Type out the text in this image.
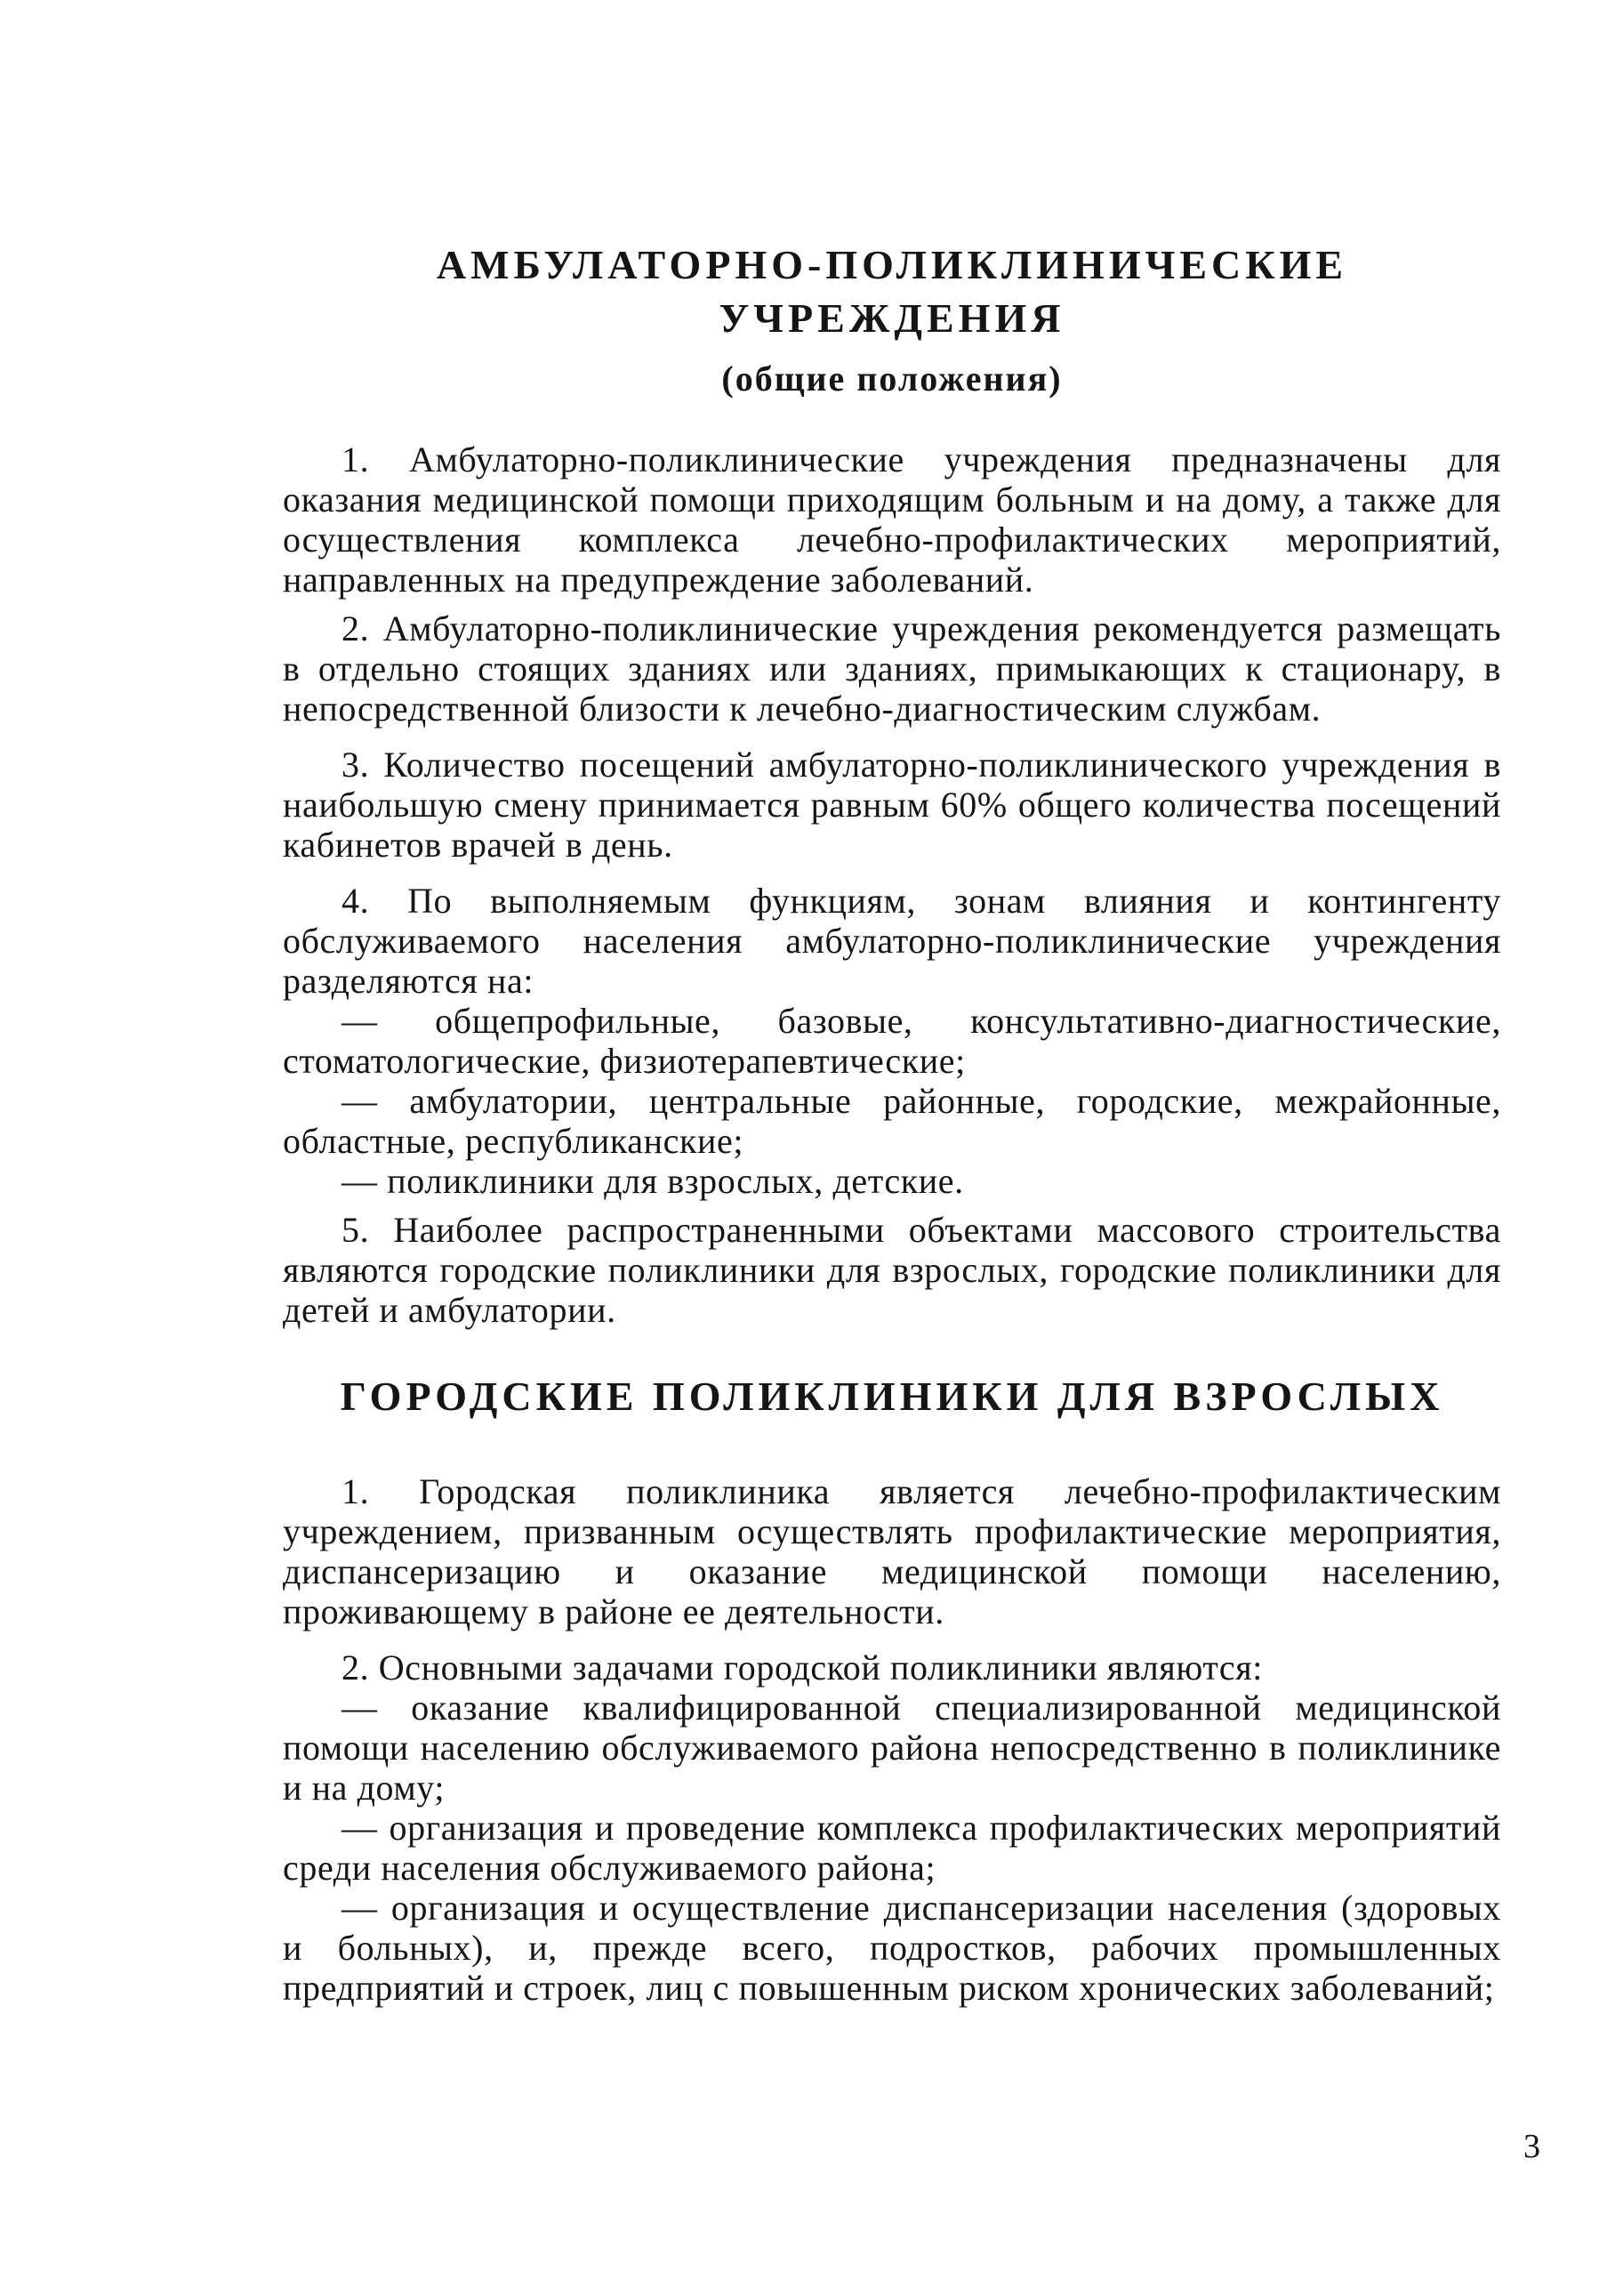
АМБУЛАТОРНО-ПОЛИКЛИНИЧЕСКИЕ УЧРЕЖДЕНИЯ
(общие положения)

1. Амбулаторно-поликлинические учреждения предназначены для оказания медицинской помощи приходящим больным и на дому, а также для осуществления комплекса лечебно-профилактических мероприятий, направленных на предупреждение заболеваний.

2. Амбулаторно-поликлинические учреждения рекомендуется размещать в отдельно стоящих зданиях или зданиях, примыкающих к стационару, в непосредственной близости к лечебно-диагностическим службам.

3. Количество посещений амбулаторно-поликлинического учреждения в наибольшую смену принимается равным 60% общего количества посещений кабинетов врачей в день.

4. По выполняемым функциям, зонам влияния и контингенту обслуживаемого населения амбулаторно-поликлинические учреждения разделяются на:

— общепрофильные, базовые, консультативно-диагностические, стоматологические, физиотерапевтические;

— амбулатории, центральные районные, городские, межрайонные, областные, республиканские;

— поликлиники для взрослых, детские.

5. Наиболее распространенными объектами массового строительства являются городские поликлиники для взрослых, городские поликлиники для детей и амбулатории.

ГОРОДСКИЕ ПОЛИКЛИНИКИ ДЛЯ ВЗРОСЛЫХ

1. Городская поликлиника является лечебно-профилактическим учреждением, призванным осуществлять профилактические мероприятия, диспансеризацию и оказание медицинской помощи населению, проживающему в районе ее деятельности.

2. Основными задачами городской поликлиники являются:

— оказание квалифицированной специализированной медицинской помощи населению обслуживаемого района непосредственно в поликлинике и на дому;

— организация и проведение комплекса профилактических мероприятий среди населения обслуживаемого района;

— организация и осуществление диспансеризации населения (здоровых и больных), и, прежде всего, подростков, рабочих промышленных предприятий и строек, лиц с повышенным риском хронических заболеваний;

3
